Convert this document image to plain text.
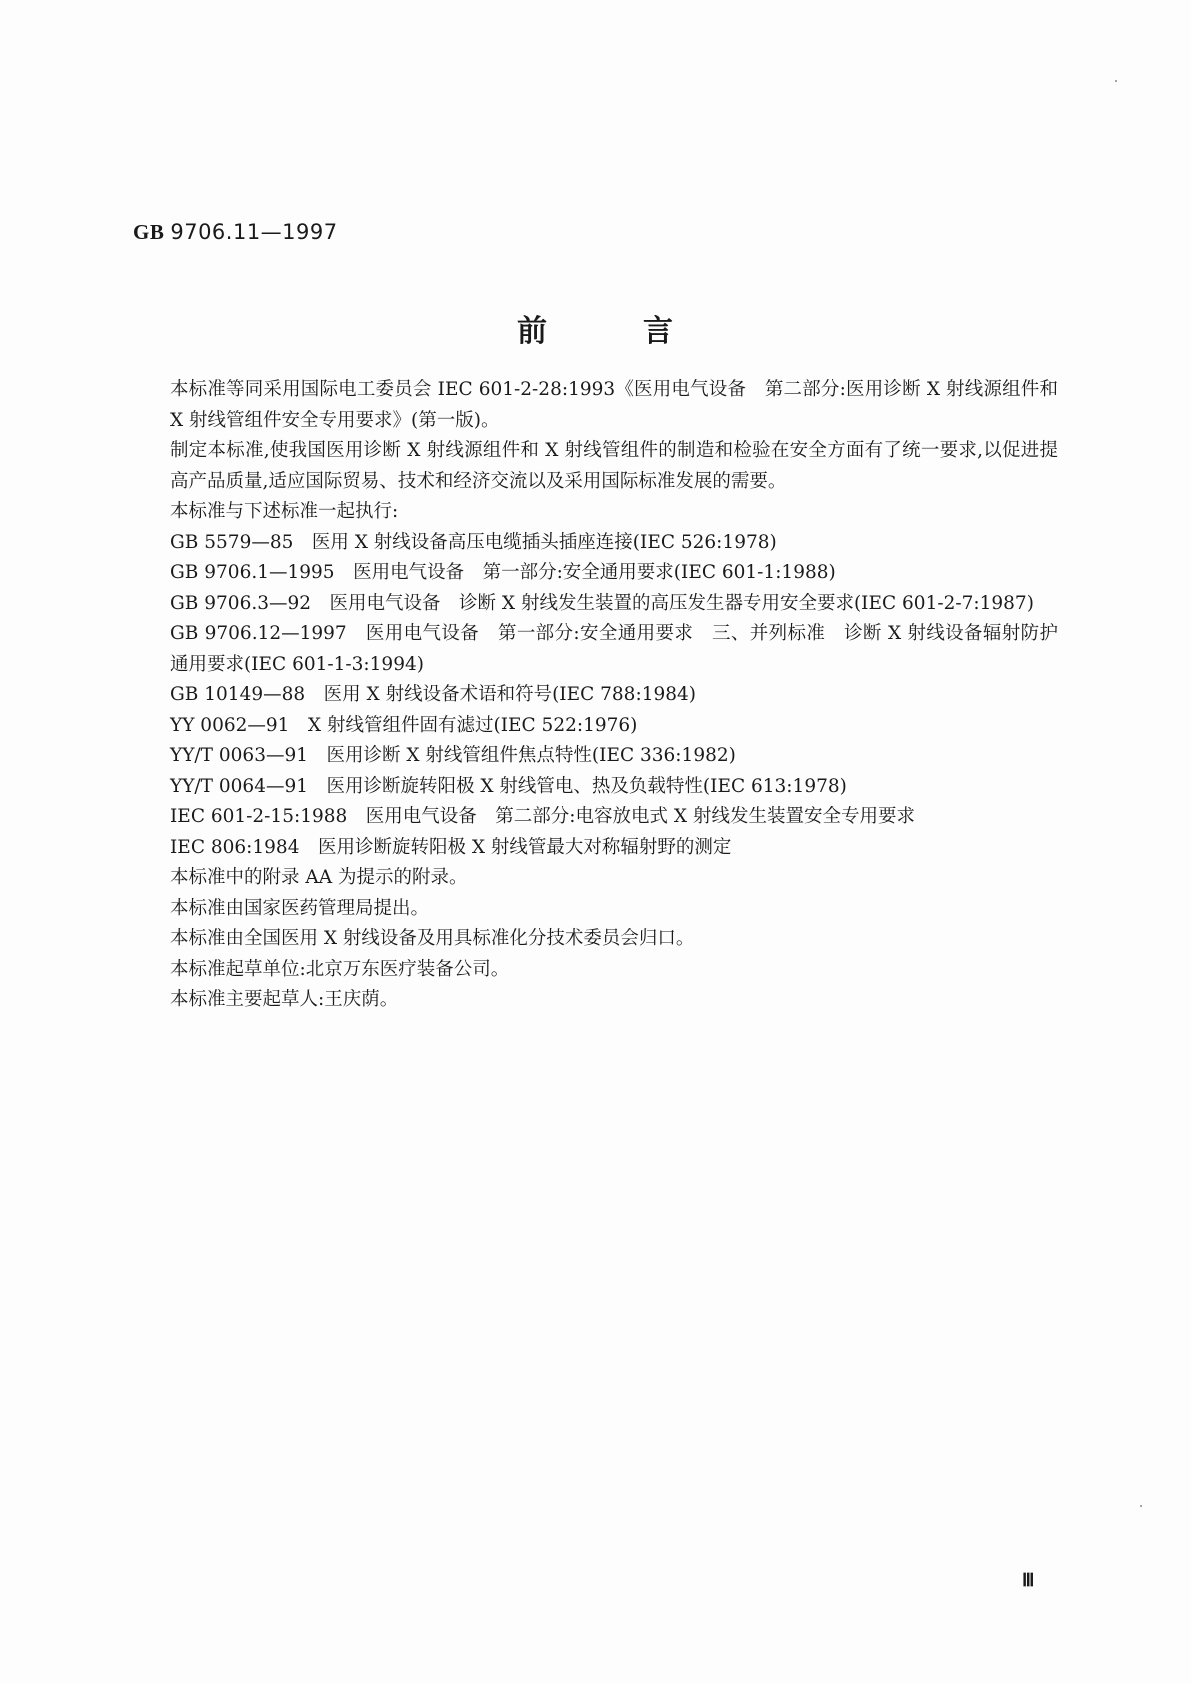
GB 9706.11—1997
前	言
本标准等同采用国际电工委员会 IEC 601-2-28:1993《医用电气设备　第二部分:医用诊断 X 射线源组件和 X 射线管组件安全专用要求》(第一版)。
制定本标准,使我国医用诊断 X 射线源组件和 X 射线管组件的制造和检验在安全方面有了统一要求,以促进提高产品质量,适应国际贸易、技术和经济交流以及采用国际标准发展的需要。
本标准与下述标准一起执行:
GB 5579—85　医用 X 射线设备高压电缆插头插座连接(IEC 526:1978)
GB 9706.1—1995　医用电气设备　第一部分:安全通用要求(IEC 601-1:1988)
GB 9706.3—92　医用电气设备　诊断 X 射线发生装置的高压发生器专用安全要求(IEC 601-2-7:1987)
GB 9706.12—1997　医用电气设备　第一部分:安全通用要求　三、并列标准　诊断 X 射线设备辐射防护通用要求(IEC 601-1-3:1994)
GB 10149—88　医用 X 射线设备术语和符号(IEC 788:1984)
YY 0062—91　X 射线管组件固有滤过(IEC 522:1976)
YY/T 0063—91　医用诊断 X 射线管组件焦点特性(IEC 336:1982)
YY/T 0064—91　医用诊断旋转阳极 X 射线管电、热及负载特性(IEC 613:1978)
IEC 601-2-15:1988　医用电气设备　第二部分:电容放电式 X 射线发生装置安全专用要求
IEC 806:1984　医用诊断旋转阳极 X 射线管最大对称辐射野的测定
本标准中的附录 AA 为提示的附录。
本标准由国家医药管理局提出。
本标准由全国医用 X 射线设备及用具标准化分技术委员会归口。
本标准起草单位:北京万东医疗装备公司。
本标准主要起草人:王庆荫。
Ⅲ
